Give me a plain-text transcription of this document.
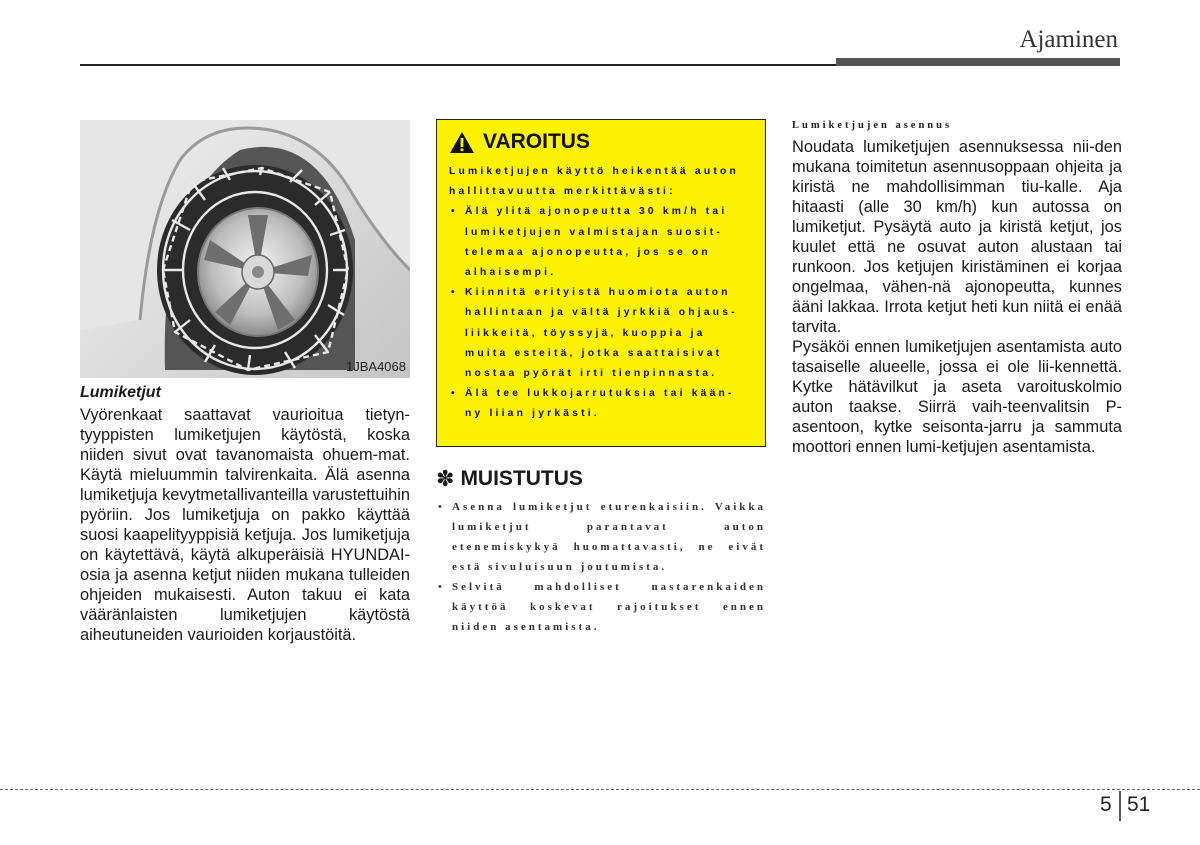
Ajaminen
1JBA4068
Lumiketjut

Vyörenkaat saattavat vaurioitua tietyn-tyyppisten lumiketjujen käytöstä, koska niiden sivut ovat tavanomaista ohuem-mat. Käytä mieluummin talvirenkaita. Älä asenna lumiketjuja kevytmetallivanteilla varustettuihin pyöriin. Jos lumiketjuja on pakko käyttää suosi kaapelityyppisiä ketjuja. Jos lumiketjuja on käytettävä, käytä alkuperäisiä HYUNDAI-osia ja asenna ketjut niiden mukana tulleiden ohjeiden mukaisesti. Auton takuu ei kata vääränlaisten lumiketjujen käytöstä aiheutuneiden vaurioiden korjaustöitä.

VAROITUS

Lumiketjujen käyttö heikentää auton hallittavuutta merkittävästi:

• Älä ylitä ajonopeutta 30 km/h tai lumiketjujen valmistajan suosit-telemaa ajonopeutta, jos se on alhaisempi.
• Kiinnitä erityistä huomiota auton hallintaan ja vältä jyrkkiä ohjaus-liikkeitä, töyssyjä, kuoppia ja muita esteitä, jotka saattaisivat nostaa pyörät irti tienpinnasta.
• Älä tee lukkojarrutuksia tai kään-ny liian jyrkästi.
✽ MUISTUTUS
• Asenna lumiketjut eturenkaisiin. Vaikka lumiketjut parantavat auton etenemiskykyä huomattavasti, ne eivät estä sivuluisuun joutumista.
• Selvitä mahdolliset nastarenkaiden käyttöä koskevat rajoitukset ennen niiden asentamista.
Lumiketjujen asennus

Noudata lumiketjujen asennuksessa nii-den mukana toimitetun asennusoppaan ohjeita ja kiristä ne mahdollisimman tiu-kalle. Aja hitaasti (alle 30 km/h) kun autossa on lumiketjut. Pysäytä auto ja kiristä ketjut, jos kuulet että ne osuvat auton alustaan tai runkoon. Jos ketjujen kiristäminen ei korjaa ongelmaa, vähen-nä ajonopeutta, kunnes ääni lakkaa. Irrota ketjut heti kun niitä ei enää tarvita.

Pysäköi ennen lumiketjujen asentamista auto tasaiselle alueelle, jossa ei ole lii-kennettä. Kytke hätävilkut ja aseta varoituskolmio auton taakse. Siirrä vaih-teenvalitsin P-asentoon, kytke seisonta-jarru ja sammuta moottori ennen lumi-ketjujen asentamista.

5 51
